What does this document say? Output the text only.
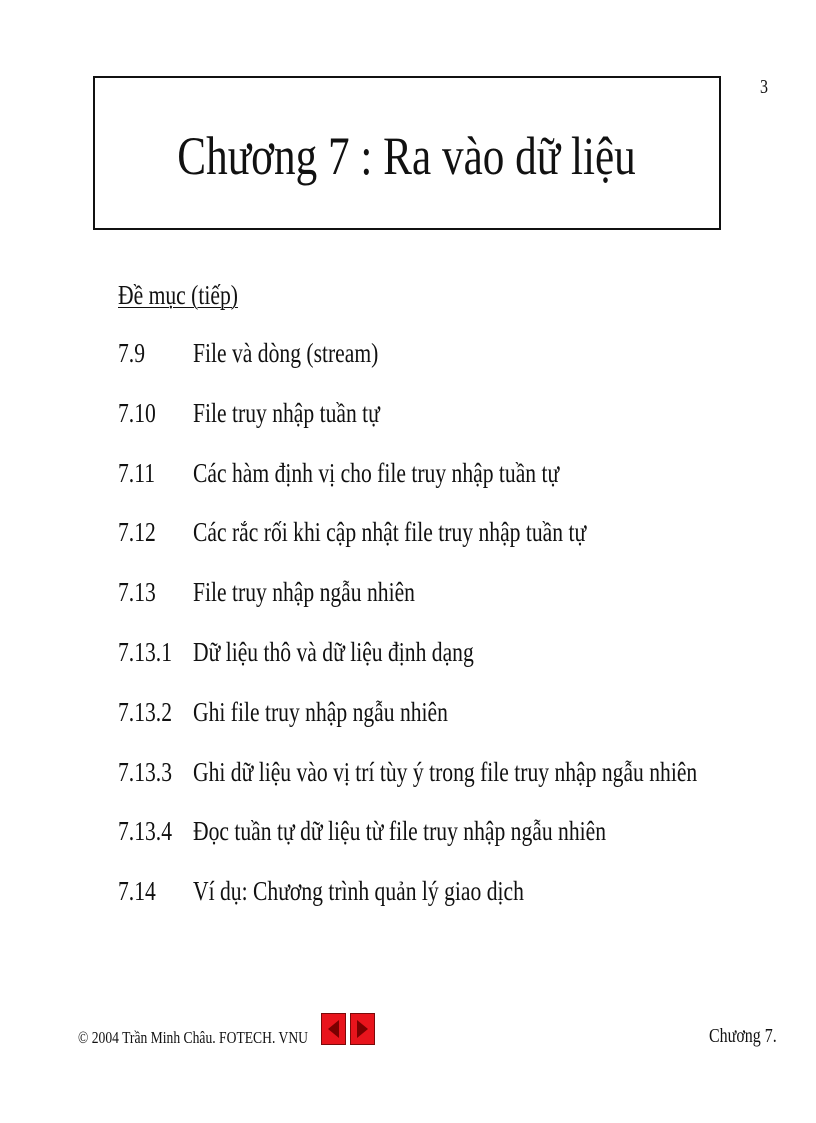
3
Chương 7 : Ra vào dữ liệu
Đề mục (tiếp)
7.9 File và dòng (stream)
7.10 File truy nhập tuần tự
7.11 Các hàm định vị cho file truy nhập tuần tự
7.12 Các rắc rối khi cập nhật file truy nhập tuần tự
7.13 File truy nhập ngẫu nhiên
7.13.1 Dữ liệu thô và dữ liệu định dạng
7.13.2 Ghi file truy nhập ngẫu nhiên
7.13.3 Ghi dữ liệu vào vị trí tùy ý trong file truy nhập ngẫu nhiên
7.13.4 Đọc tuần tự dữ liệu từ file truy nhập ngẫu nhiên
7.14 Ví dụ: Chương trình quản lý giao dịch
© 2004 Trần Minh Châu. FOTECH. VNU	Chương 7.
